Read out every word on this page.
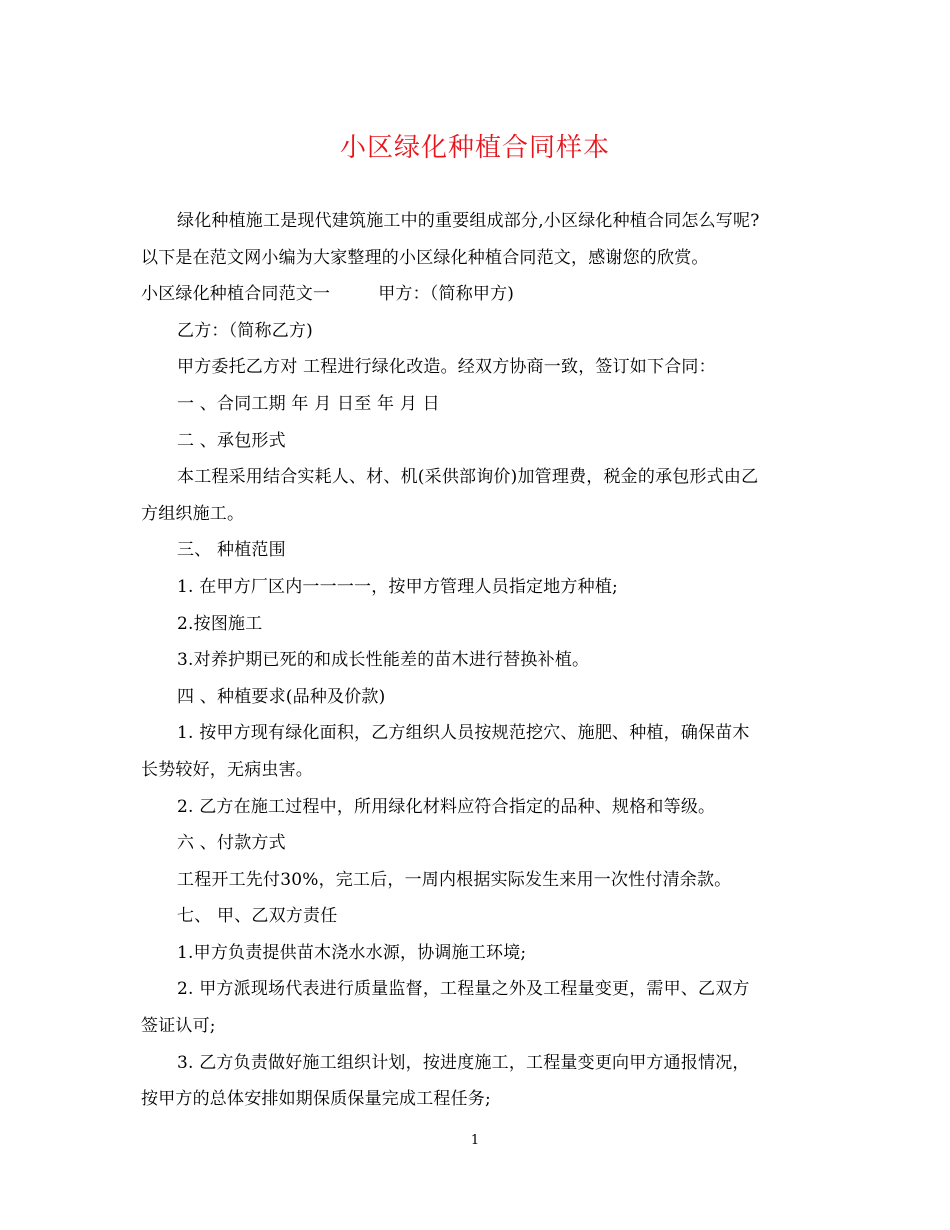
小区绿化种植合同样本

绿化种植施工是现代建筑施工中的重要组成部分,小区绿化种植合同怎么写呢?

以下是在范文网小编为大家整理的小区绿化种植合同范文，感谢您的欣赏。

小区绿化种植合同范文一	甲方：（简称甲方)

乙方：（简称乙方)

甲方委托乙方对 工程进行绿化改造。经双方协商一致，签订如下合同：

一 、合同工期 年 月 日至 年 月 日

二 、承包形式

本工程采用结合实耗人、材、机(采供部询价)加管理费，税金的承包形式由乙

方组织施工。

三、 种植范围

1. 在甲方厂区内一一一一，按甲方管理人员指定地方种植;

2.按图施工

3.对养护期已死的和成长性能差的苗木进行替换补植。

四 、种植要求(品种及价款)

1. 按甲方现有绿化面积，乙方组织人员按规范挖穴、施肥、种植，确保苗木

长势较好，无病虫害。

2. 乙方在施工过程中，所用绿化材料应符合指定的品种、规格和等级。

六 、付款方式

工程开工先付30%，完工后，一周内根据实际发生来用一次性付清余款。

七、 甲、乙双方责任

1.甲方负责提供苗木浇水水源，协调施工环境;

2. 甲方派现场代表进行质量监督，工程量之外及工程量变更，需甲、乙双方

签证认可;

3. 乙方负责做好施工组织计划，按进度施工，工程量变更向甲方通报情况，

按甲方的总体安排如期保质保量完成工程任务;

1
